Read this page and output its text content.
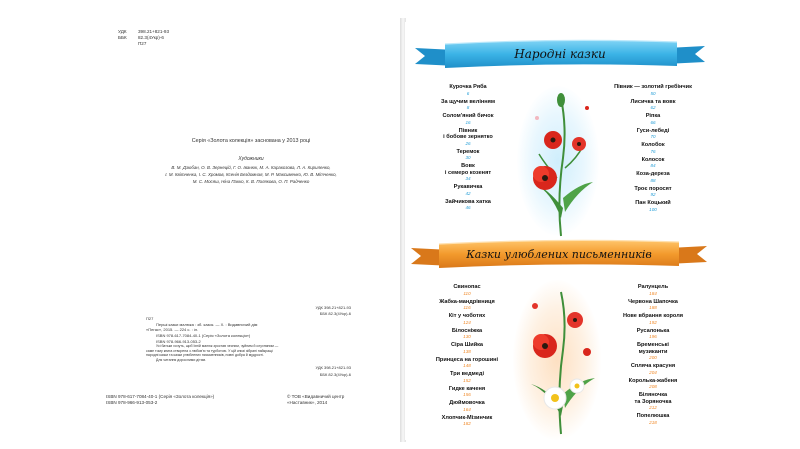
УДК	398.21+821-93
ББК	82.3(4Укр)-6
П27
Серія «Золота колекція» заснована у 2013 році
Художники
В. М. Дзюбан, О. В. Зернецій, Г. О. Іванюк, М. А. Каракозова, Л. А. Кириленко,
І. М. Квітненка, І. С. Хромов, Ксенія Бездомная, М. Р. Максименко, Ю. В. Мітченко,
М. С. Мосяш, Ніна Пакко, К. В. Полякова, О. П. Радченко

УДК 398.21+821-93

ББК 82.3(4Укр)-6

П27

Перші казки малюка : зб. казок. — Х. : Видавничий дім

«Пегас», 2015. — 224 с. : іл.

ISBN 978-617-7084-40-1 (Серія «Золота колекція»)

ISBN 978-966-913-053-2

Усі батьки хочуть, щоб їхній малюк зростав чесним, чуйним й слухняним —

саме тому книга створена з любов'ю та турботою. У цій книзі зібрані найкращі

народні казки та казки улюблених письменників, повні добра й мудрості.

Для читання дорослими дітям.

УДК 398.21+821-93

ББК 82.3(4Укр)-6

ISBN 978-617-7084-40-1 (Серія «Золота колекція»)
ISBN 978-966-913-053-2
© ТОВ «Видавничий центр
«Наставник», 2014
Народні казки
Курочка Ряба
6
За щучим велінням
8
Солом'яний бичок
16
Півник
і бобове зернятко
26
Теремок
30
Вовк
і семеро козенят
34
Рукавичка
42
Зайчикова хатка
46
Півник — золотий гребінчик
50
Лисичка та вовк
62
Ріпка
66
Гуси-лебеді
70
Колобок
76
Колосок
84
Коза-дереза
88
Троє поросят
92
Пан Коцький
100
Казки улюблених письменників
Свинопас
110
Жабка-мандрівниця
116
Кіт у чоботях
124
Білосніжка
130
Сіра Шийка
138
Принцеса на горошині
148
Три ведмеді
152
Гидке каченя
156
Дюймовочка
164
Хлопчик-Мізинчик
182
Ралунцель
184
Червона Шапочка
188
Нове вбрання короля
192
Русалонька
196
Бременські
музиканти
200
Сплячa красуня
204
Королька-жабеня
208
Білянoчка
та Зорянoчка
212
Попелюшка
218
